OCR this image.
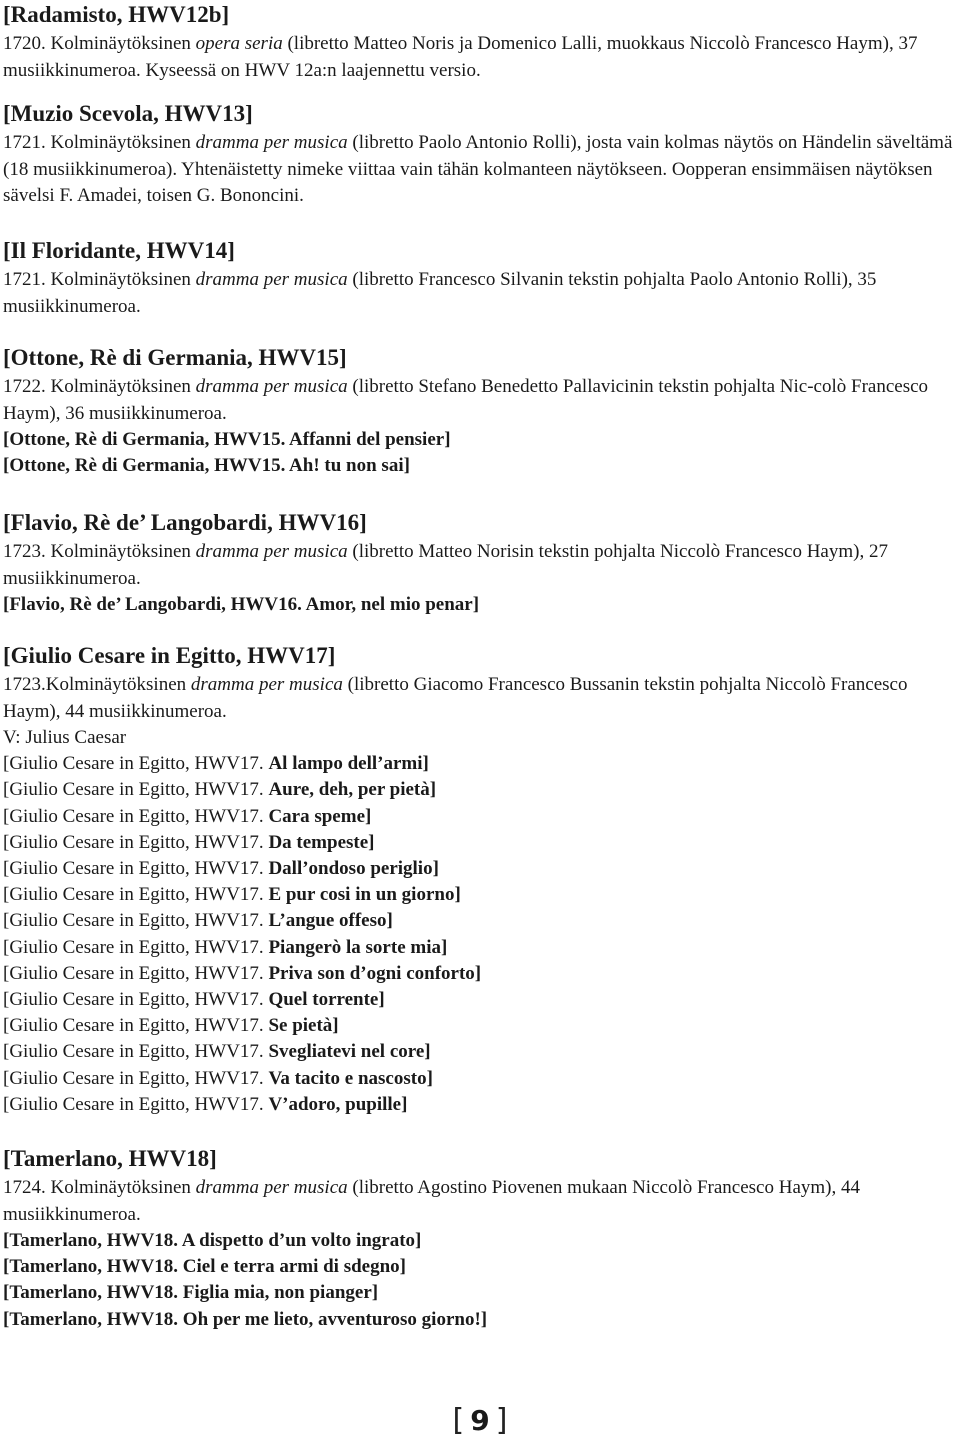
[Radamisto, HWV12b]

1720. Kolminäytöksinen opera seria (libretto Matteo Noris ja Domenico Lalli, muokkaus Niccolò Francesco Haym), 37 musiikkinumeroa. Kyseessä on HWV 12a:n laajennettu versio.

[Muzio Scevola, HWV13]

1721. Kolminäytöksinen dramma per musica (libretto Paolo Antonio Rolli), josta vain kolmas näytös on Händelin säveltämä (18 musiikkinumeroa). Yhtenäistetty nimeke viittaa vain tähän kolmanteen näytökseen. Oopperan ensimmäisen näytöksen sävelsi F. Amadei, toisen G. Bononcini.

[Il Floridante, HWV14]

1721. Kolminäytöksinen dramma per musica (libretto Francesco Silvanin tekstin pohjalta Paolo Antonio Rolli), 35 musiikkinumeroa.

[Ottone, Rè di Germania, HWV15]

1722. Kolminäytöksinen dramma per musica (libretto Stefano Benedetto Pallavicinin tekstin pohjalta Nic-colò Francesco Haym), 36 musiikkinumeroa.

[Ottone, Rè di Germania, HWV15. Affanni del pensier]

[Ottone, Rè di Germania, HWV15. Ah! tu non sai]

[Flavio, Rè de’ Langobardi, HWV16]

1723. Kolminäytöksinen dramma per musica (libretto Matteo Norisin tekstin pohjalta Niccolò Francesco Haym), 27 musiikkinumeroa.

[Flavio, Rè de’ Langobardi, HWV16. Amor, nel mio penar]

[Giulio Cesare in Egitto, HWV17]

1723.Kolminäytöksinen dramma per musica (libretto Giacomo Francesco Bussanin tekstin pohjalta Niccolò Francesco Haym), 44 musiikkinumeroa.

V: Julius Caesar

[Giulio Cesare in Egitto, HWV17. Al lampo dell’armi]

[Giulio Cesare in Egitto, HWV17. Aure, deh, per pietà]

[Giulio Cesare in Egitto, HWV17. Cara speme]

[Giulio Cesare in Egitto, HWV17. Da tempeste]

[Giulio Cesare in Egitto, HWV17. Dall’ondoso periglio]

[Giulio Cesare in Egitto, HWV17. E pur cosi in un giorno]

[Giulio Cesare in Egitto, HWV17. L’angue offeso]

[Giulio Cesare in Egitto, HWV17. Piangerò la sorte mia]

[Giulio Cesare in Egitto, HWV17. Priva son d’ogni conforto]

[Giulio Cesare in Egitto, HWV17. Quel torrente]

[Giulio Cesare in Egitto, HWV17. Se pietà]

[Giulio Cesare in Egitto, HWV17. Svegliatevi nel core]

[Giulio Cesare in Egitto, HWV17. Va tacito e nascosto]

[Giulio Cesare in Egitto, HWV17. V’adoro, pupille]

[Tamerlano, HWV18]

1724. Kolminäytöksinen dramma per musica (libretto Agostino Piovenen mukaan Niccolò Francesco Haym), 44 musiikkinumeroa.

[Tamerlano, HWV18. A dispetto d’un volto ingrato]

[Tamerlano, HWV18. Ciel e terra armi di sdegno]

[Tamerlano, HWV18. Figlia mia, non pianger]

[Tamerlano, HWV18. Oh per me lieto, avventuroso giorno!]

[ 9 ]
